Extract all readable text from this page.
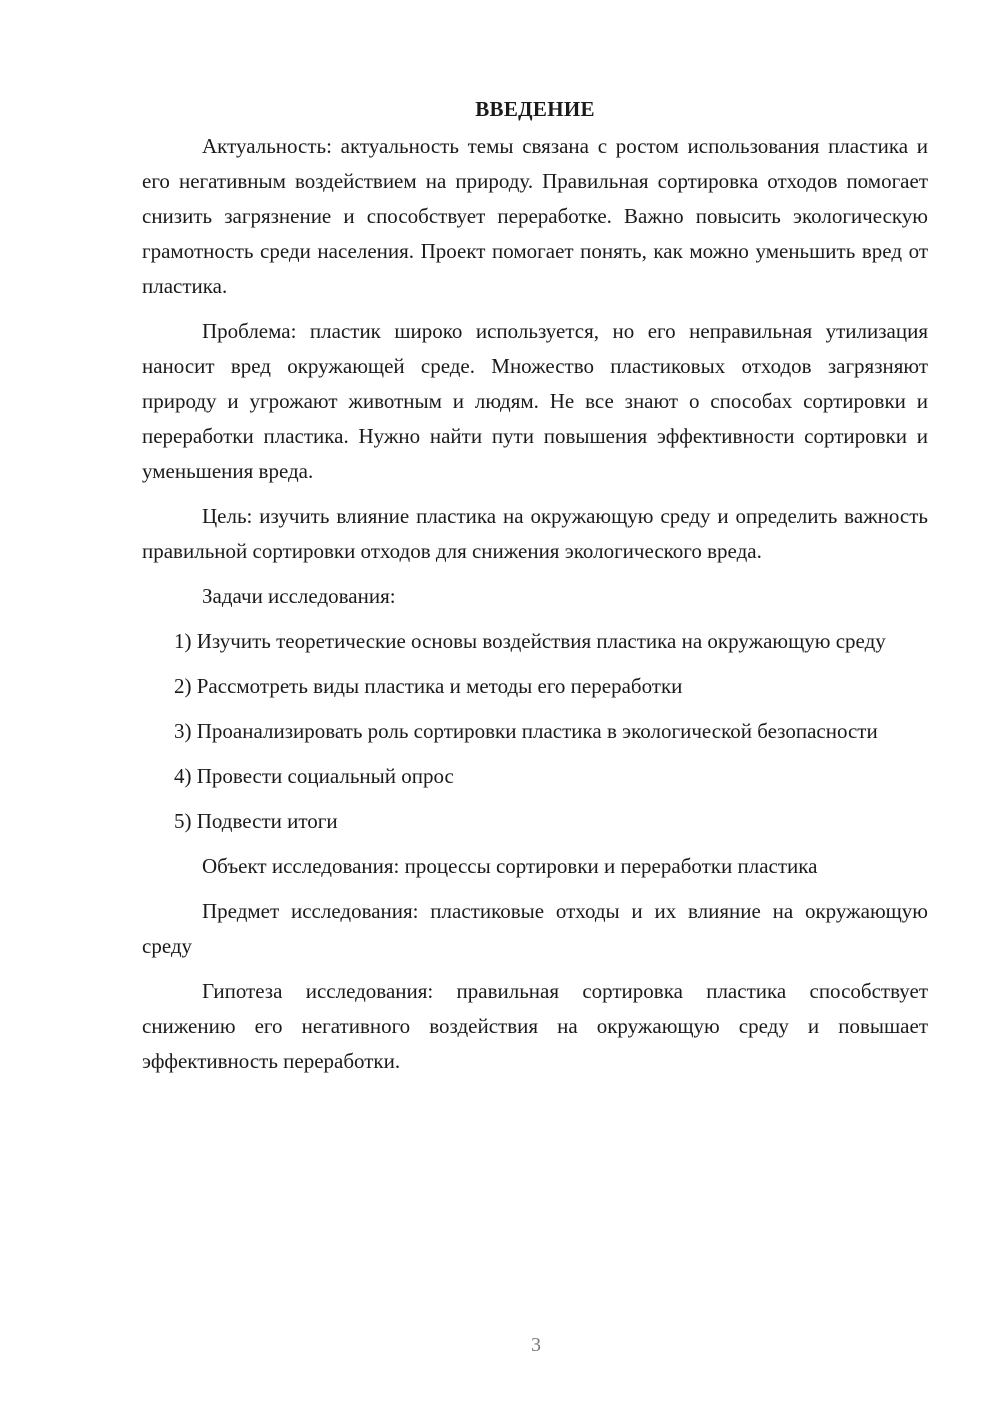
ВВЕДЕНИЕ

Актуальность: актуальность темы связана с ростом использования пластика и его негативным воздействием на природу. Правильная сортировка отходов помогает снизить загрязнение и способствует переработке. Важно повысить экологическую грамотность среди населения. Проект помогает понять, как можно уменьшить вред от пластика.

Проблема: пластик широко используется, но его неправильная утилизация наносит вред окружающей среде. Множество пластиковых отходов загрязняют природу и угрожают животным и людям. Не все знают о способах сортировки и переработки пластика. Нужно найти пути повышения эффективности сортировки и уменьшения вреда.

Цель: изучить влияние пластика на окружающую среду и определить важность правильной сортировки отходов для снижения экологического вреда.

Задачи исследования:

1) Изучить теоретические основы воздействия пластика на окружающую среду

2) Рассмотреть виды пластика и методы его переработки

3) Проанализировать роль сортировки пластика в экологической безопасности

4) Провести социальный опрос

5) Подвести итоги

Объект исследования: процессы сортировки и переработки пластика

Предмет исследования: пластиковые отходы и их влияние на окружающую среду

Гипотеза исследования: правильная сортировка пластика способствует снижению его негативного воздействия на окружающую среду и повышает эффективность переработки.

3
